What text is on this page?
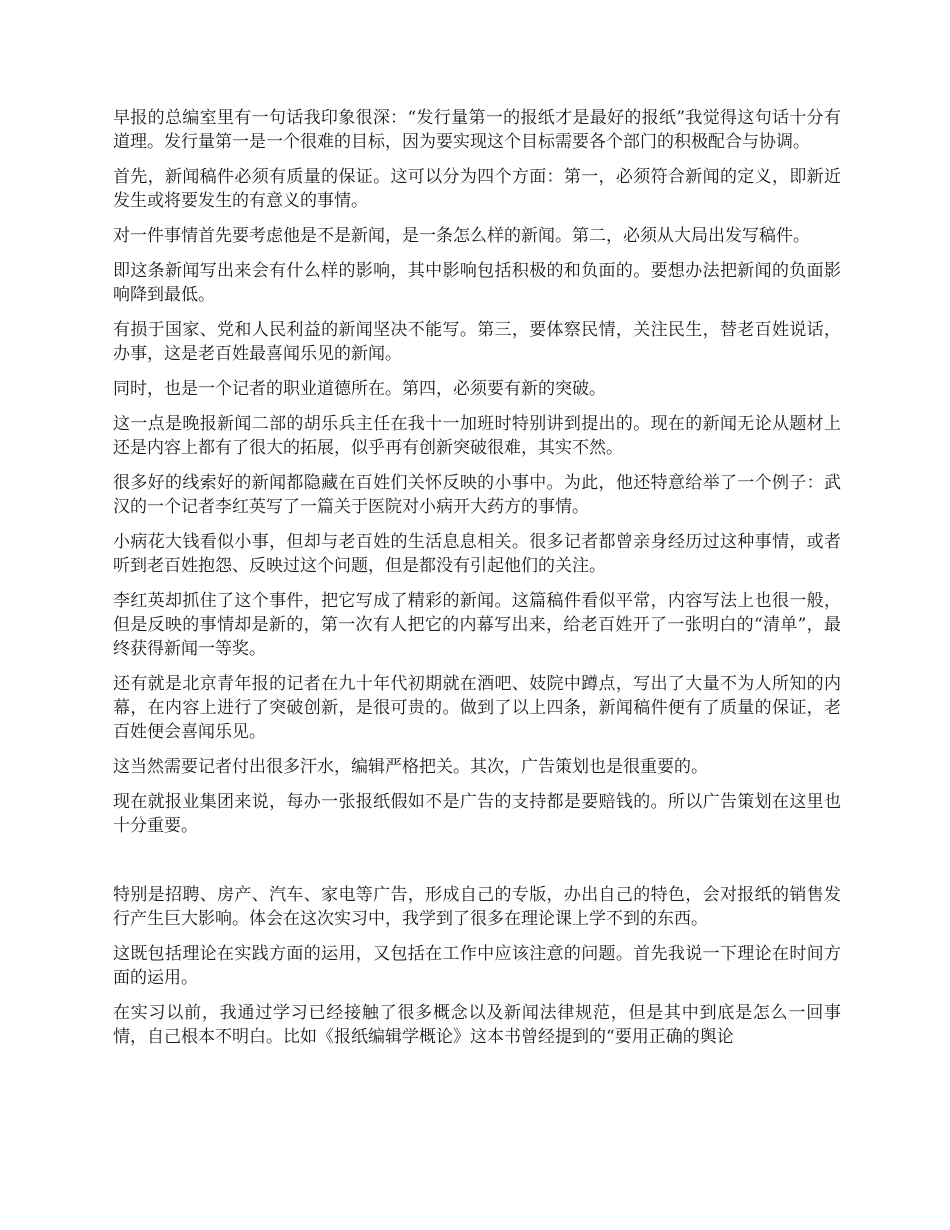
早报的总编室里有一句话我印象很深：“发行量第一的报纸才是最好的报纸”我觉得这句话十分有道理。发行量第一是一个很难的目标，因为要实现这个目标需要各个部门的积极配合与协调。

首先，新闻稿件必须有质量的保证。这可以分为四个方面：第一，必须符合新闻的定义，即新近发生或将要发生的有意义的事情。

对一件事情首先要考虑他是不是新闻，是一条怎么样的新闻。第二，必须从大局出发写稿件。

即这条新闻写出来会有什么样的影响，其中影响包括积极的和负面的。要想办法把新闻的负面影响降到最低。

有损于国家、党和人民利益的新闻坚决不能写。第三，要体察民情，关注民生，替老百姓说话，办事，这是老百姓最喜闻乐见的新闻。

同时，也是一个记者的职业道德所在。第四，必须要有新的突破。

这一点是晚报新闻二部的胡乐兵主任在我十一加班时特别讲到提出的。现在的新闻无论从题材上还是内容上都有了很大的拓展，似乎再有创新突破很难，其实不然。

很多好的线索好的新闻都隐藏在百姓们关怀反映的小事中。为此，他还特意给举了一个例子：武汉的一个记者李红英写了一篇关于医院对小病开大药方的事情。

小病花大钱看似小事，但却与老百姓的生活息息相关。很多记者都曾亲身经历过这种事情，或者听到老百姓抱怨、反映过这个问题，但是都没有引起他们的关注。

李红英却抓住了这个事件，把它写成了精彩的新闻。这篇稿件看似平常，内容写法上也很一般，但是反映的事情却是新的，第一次有人把它的内幕写出来，给老百姓开了一张明白的“清单”，最终获得新闻一等奖。

还有就是北京青年报的记者在九十年代初期就在酒吧、妓院中蹲点，写出了大量不为人所知的内幕，在内容上进行了突破创新，是很可贵的。做到了以上四条，新闻稿件便有了质量的保证，老百姓便会喜闻乐见。

这当然需要记者付出很多汗水，编辑严格把关。其次，广告策划也是很重要的。

现在就报业集团来说，每办一张报纸假如不是广告的支持都是要赔钱的。所以广告策划在这里也十分重要。

特别是招聘、房产、汽车、家电等广告，形成自己的专版，办出自己的特色，会对报纸的销售发行产生巨大影响。体会在这次实习中，我学到了很多在理论课上学不到的东西。

这既包括理论在实践方面的运用，又包括在工作中应该注意的问题。首先我说一下理论在时间方面的运用。

在实习以前，我通过学习已经接触了很多概念以及新闻法律规范，但是其中到底是怎么一回事情，自己根本不明白。比如《报纸编辑学概论》这本书曾经提到的“要用正确的舆论
